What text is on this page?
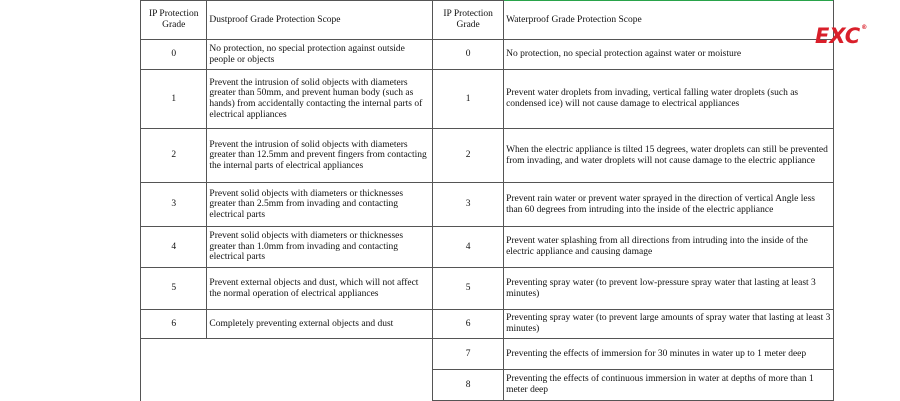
IP Protection Grade	Dustproof Grade Protection Scope	IP Protection Grade	Waterproof Grade Protection Scope
0	No protection, no special protection against outside people or objects	0	No protection, no special protection against water or moisture
1	Prevent the intrusion of solid objects with diameters greater than 50mm, and prevent human body (such as hands) from accidentally contacting the internal parts of electrical appliances	1	Prevent water droplets from invading, vertical falling water droplets (such as condensed ice) will not cause damage to electrical appliances
2	Prevent the intrusion of solid objects with diameters greater than 12.5mm and prevent fingers from contacting the internal parts of electrical appliances	2	When the electric appliance is tilted 15 degrees, water droplets can still be prevented from invading, and water droplets will not cause damage to the electric appliance
3	Prevent solid objects with diameters or thicknesses greater than 2.5mm from invading and contacting electrical parts	3	Prevent rain water or prevent water sprayed in the direction of vertical Angle less than 60 degrees from intruding into the inside of the electric appliance
4	Prevent solid objects with diameters or thicknesses greater than 1.0mm from invading and contacting electrical parts	4	Prevent water splashing from all directions from intruding into the inside of the electric appliance and causing damage
5	Prevent external objects and dust, which will not affect the normal operation of electrical appliances	5	Preventing spray water (to prevent low-pressure spray water that lasting at least 3 minutes)
6	Completely preventing external objects and dust	6	Preventing spray water (to prevent large amounts of spray water that lasting at least 3 minutes)
		7	Preventing the effects of immersion for 30 minutes in water up to 1 meter deep
		8	Preventing the effects of continuous immersion in water at depths of more than 1 meter deep
EXC®
